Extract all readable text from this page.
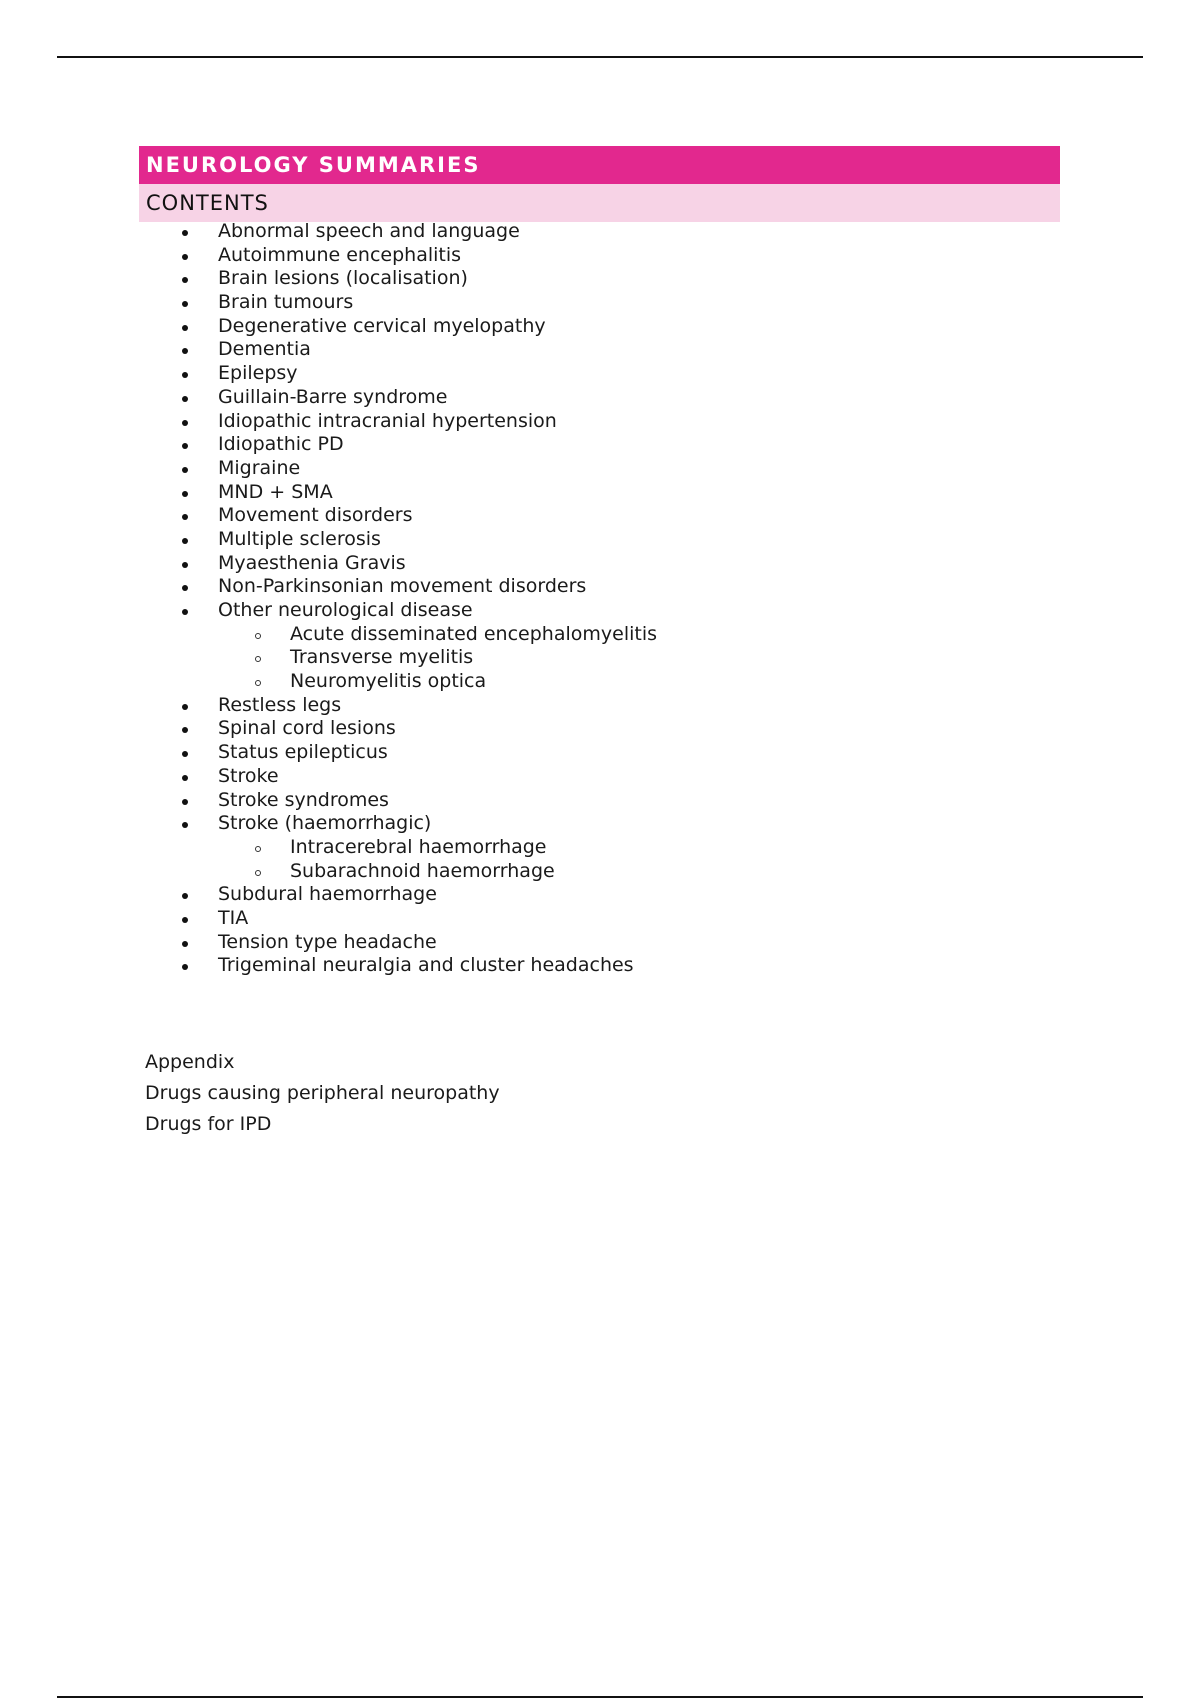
NEUROLOGY SUMMARIES
CONTENTS
Abnormal speech and language
Autoimmune encephalitis
Brain lesions (localisation)
Brain tumours
Degenerative cervical myelopathy
Dementia
Epilepsy
Guillain-Barre syndrome
Idiopathic intracranial hypertension
Idiopathic PD
Migraine
MND + SMA
Movement disorders
Multiple sclerosis
Myaesthenia Gravis
Non-Parkinsonian movement disorders
Other neurological disease
Acute disseminated encephalomyelitis
Transverse myelitis
Neuromyelitis optica
Restless legs
Spinal cord lesions
Status epilepticus
Stroke
Stroke syndromes
Stroke (haemorrhagic)
Intracerebral haemorrhage
Subarachnoid haemorrhage
Subdural haemorrhage
TIA
Tension type headache
Trigeminal neuralgia and cluster headaches
Appendix
Drugs causing peripheral neuropathy
Drugs for IPD
